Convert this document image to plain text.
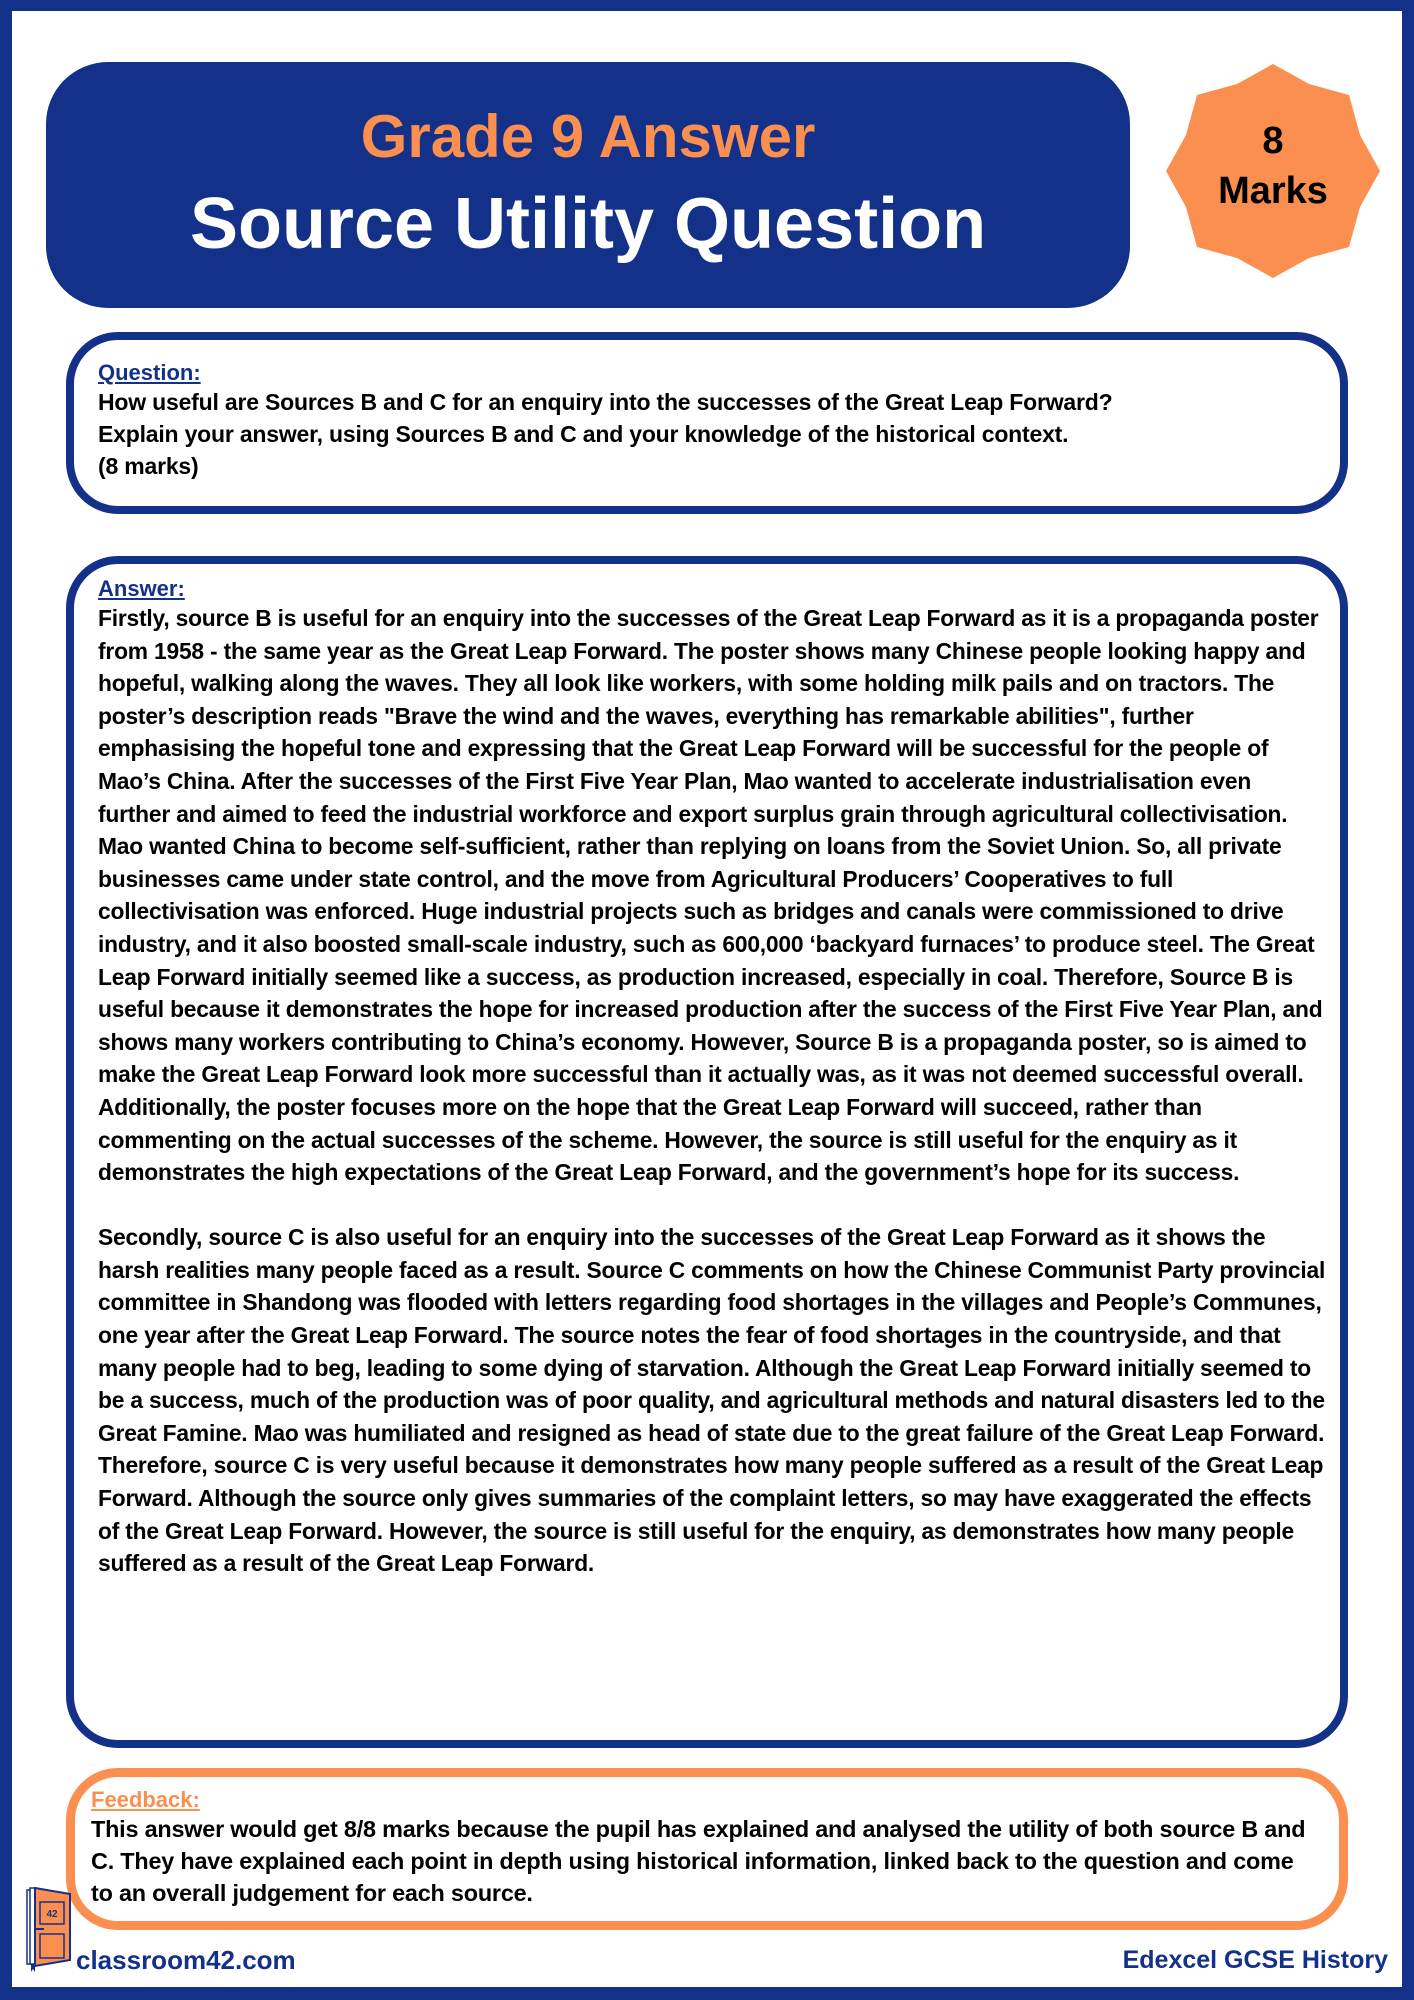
Grade 9 Answer
Source Utility Question
8
Marks
Question:

How useful are Sources B and C for an enquiry into the successes of the Great Leap Forward?

Explain your answer, using Sources B and C and your knowledge of the historical context.

(8 marks)

Answer:

Firstly, source B is useful for an enquiry into the successes of the Great Leap Forward as it is a propaganda poster from 1958 - the same year as the Great Leap Forward. The poster shows many Chinese people looking happy and hopeful, walking along the waves. They all look like workers, with some holding milk pails and on tractors. The poster’s description reads "Brave the wind and the waves, everything has remarkable abilities", further emphasising the hopeful tone and expressing that the Great Leap Forward will be successful for the people of Mao’s China. After the successes of the First Five Year Plan, Mao wanted to accelerate industrialisation even further and aimed to feed the industrial workforce and export surplus grain through agricultural collectivisation. Mao wanted China to become self-sufficient, rather than replying on loans from the Soviet Union. So, all private businesses came under state control, and the move from Agricultural Producers’ Cooperatives to full collectivisation was enforced. Huge industrial projects such as bridges and canals were commissioned to drive industry, and it also boosted small-scale industry, such as 600,000 ‘backyard furnaces’ to produce steel. The Great Leap Forward initially seemed like a success, as production increased, especially in coal. Therefore, Source B is useful because it demonstrates the hope for increased production after the success of the First Five Year Plan, and shows many workers contributing to China’s economy. However, Source B is a propaganda poster, so is aimed to make the Great Leap Forward look more successful than it actually was, as it was not deemed successful overall. Additionally, the poster focuses more on the hope that the Great Leap Forward will succeed, rather than commenting on the actual successes of the scheme. However, the source is still useful for the enquiry as it demonstrates the high expectations of the Great Leap Forward, and the government’s hope for its success.

Secondly, source C is also useful for an enquiry into the successes of the Great Leap Forward as it shows the harsh realities many people faced as a result. Source C comments on how the Chinese Communist Party provincial committee in Shandong was flooded with letters regarding food shortages in the villages and People’s Communes, one year after the Great Leap Forward. The source notes the fear of food shortages in the countryside, and that many people had to beg, leading to some dying of starvation. Although the Great Leap Forward initially seemed to be a success, much of the production was of poor quality, and agricultural methods and natural disasters led to the Great Famine. Mao was humiliated and resigned as head of state due to the great failure of the Great Leap Forward. Therefore, source C is very useful because it demonstrates how many people suffered as a result of the Great Leap Forward. Although the source only gives summaries of the complaint letters, so may have exaggerated the effects of the Great Leap Forward. However, the source is still useful for the enquiry, as demonstrates how many people suffered as a result of the Great Leap Forward.

Feedback:

This answer would get 8/8 marks because the pupil has explained and analysed the utility of both source B and C. They have explained each point in depth using historical information, linked back to the question and come to an overall judgement for each source.

42
classroom42.com	Edexcel GCSE History
